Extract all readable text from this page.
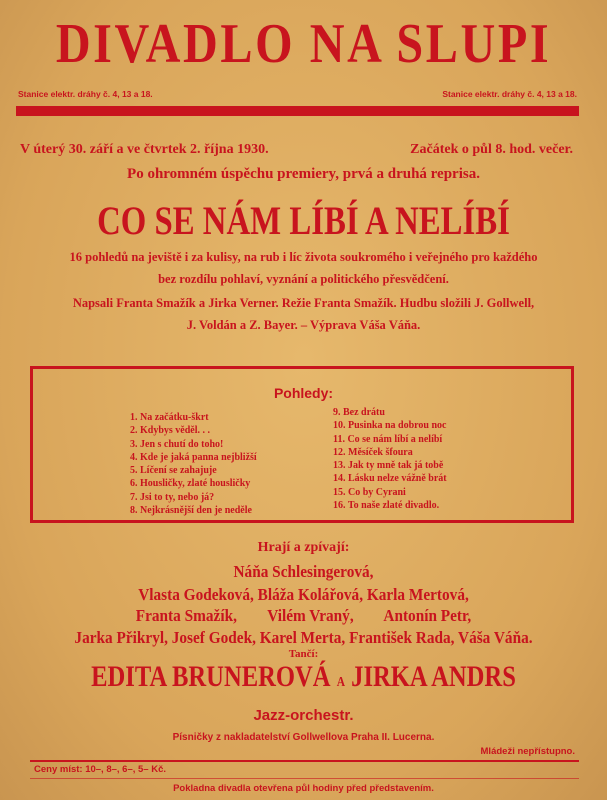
DIVADLO NA SLUPI
Stanice elektr. dráhy č. 4, 13 a 18.	Stanice elektr. dráhy č. 4, 13 a 18.
V úterý 30. září a ve čtvrtek 2. října 1930.	Začátek o půl 8. hod. večer.
Po ohromném úspěchu premiery, prvá a druhá reprisa.
CO SE NÁM LÍBÍ A NELÍBÍ
16 pohledů na jeviště i za kulisy, na rub i líc života soukromého i veřejného pro každého
bez rozdílu pohlaví, vyznání a politického přesvědčení.
Napsali Franta Smažík a Jirka Verner. Režie Franta Smažík. Hudbu složili J. Gollwell,
J. Voldán a Z. Bayer. – Výprava Váša Váňa.
Pohledy:
1. Na začátku-škrt
2. Kdybys věděl. . .
3. Jen s chutí do toho!
4. Kde je jaká panna nejbližší
5. Líčení se zahajuje
6. Housličky, zlaté housličky
7. Jsi to ty, nebo já?
8. Nejkrásnější den je neděle
9. Bez drátu
10. Pusinka na dobrou noc
11. Co se nám líbí a nelíbí
12. Měsíček šfoura
13. Jak ty mně tak já tobě
14. Lásku nelze vážně brát
15. Co by Cyrani
16. To naše zlaté divadlo.
Hrají a zpívají:
Náňa Schlesingerová,
Vlasta Godeková, Bláža Kolářová, Karla Mertová,
Franta Smažík,        Vilém Vraný,        Antonín Petr,
Jarka Přikryl, Josef Godek, Karel Merta, František Rada, Váša Váňa.
Tančí:
EDITA BRUNEROVÁ A JIRKA ANDRS
Jazz-orchestr.
Písničky z nakladatelství Gollwellova Praha II. Lucerna.
Mládeži nepřístupno.
Ceny míst: 10–, 8–, 6–, 5– Kč.
Pokladna divadla otevřena půl hodiny před představením.
